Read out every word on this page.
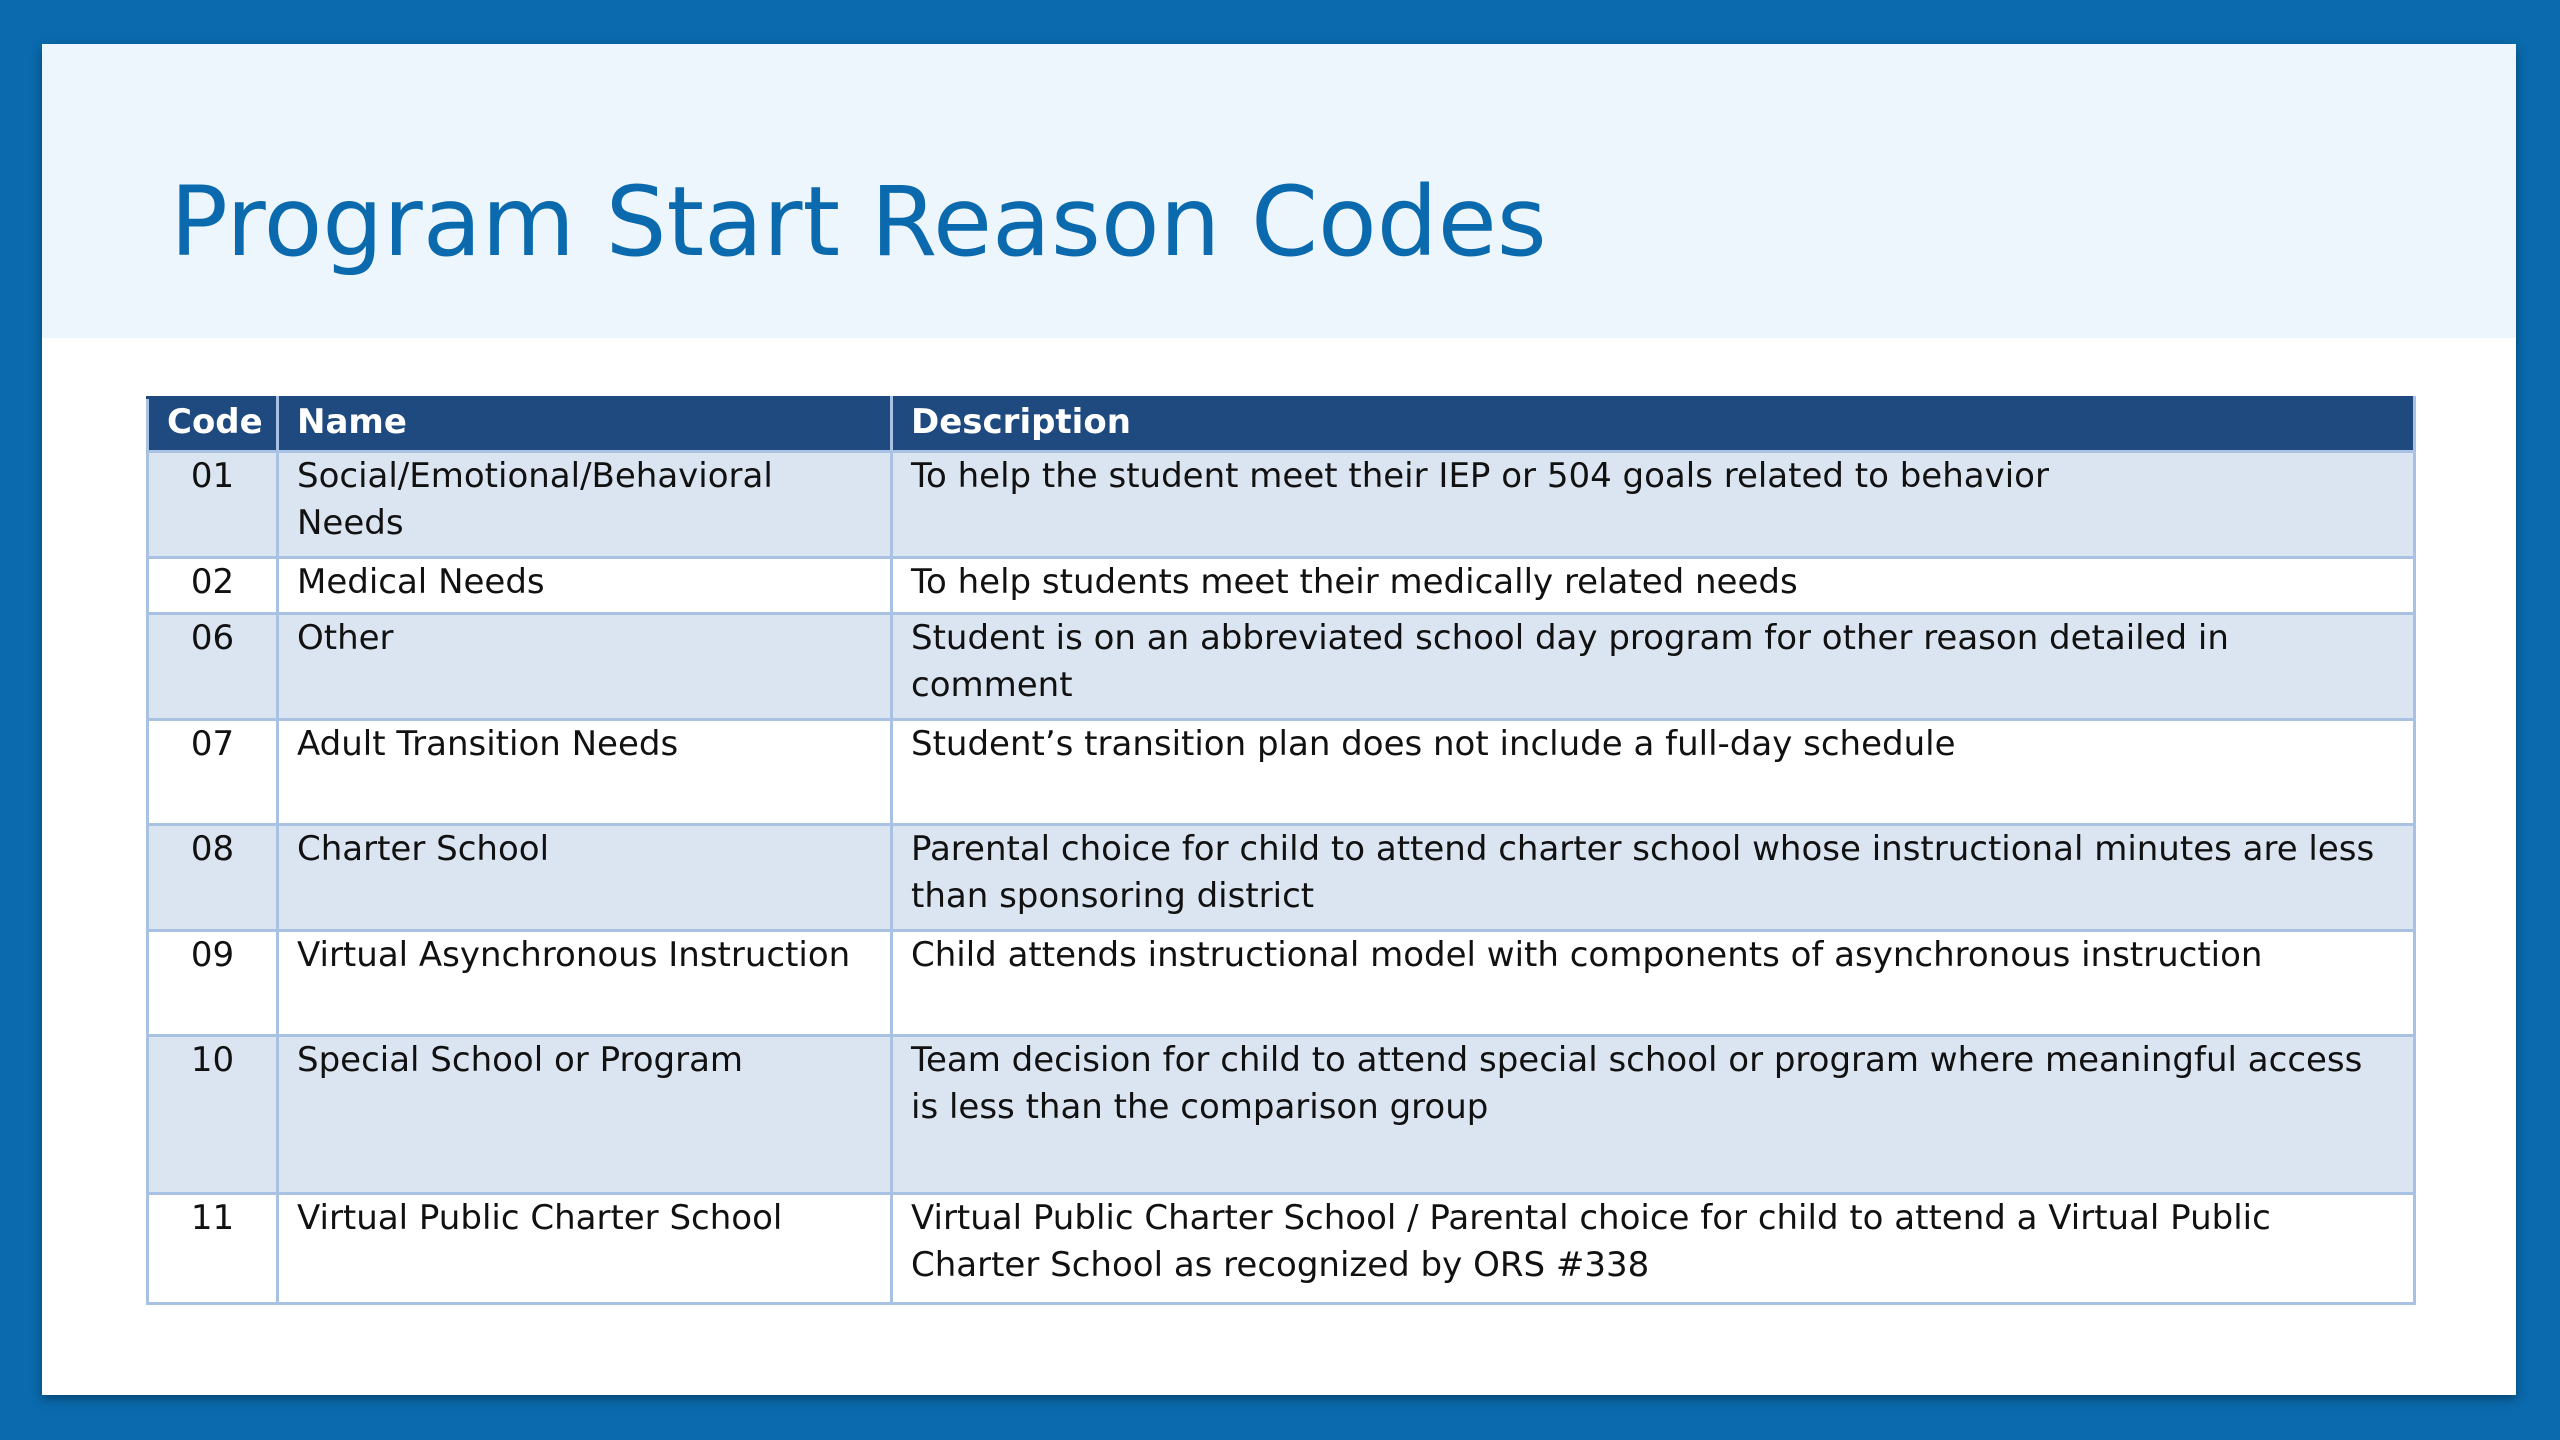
Program Start Reason Codes
Code	Name	Description
01	Social/Emotional/Behavioral Needs	To help the student meet their IEP or 504 goals related to behavior
02	Medical Needs	To help students meet their medically related needs
06	Other	Student is on an abbreviated school day program for other reason detailed in comment
07	Adult Transition Needs	Student’s transition plan does not include a full-day schedule
08	Charter School	Parental choice for child to attend charter school whose instructional minutes are less than sponsoring district
09	Virtual Asynchronous Instruction	Child attends instructional model with components of asynchronous instruction
10	Special School or Program	Team decision for child to attend special school or program where meaningful access is less than the comparison group
11	Virtual Public Charter School	Virtual Public Charter School / Parental choice for child to attend a Virtual Public Charter School as recognized by ORS #338
